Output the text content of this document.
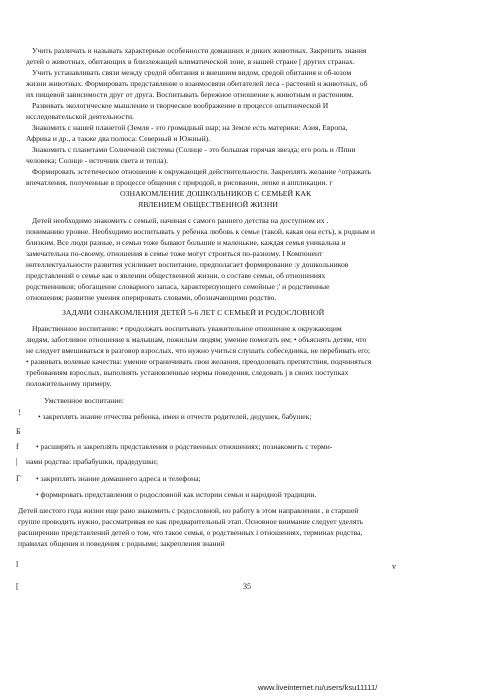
Учить различать и называть характерные особенности домашних и диких животных. Закрепить знания
детей о животных, обитающих в близлежащей климатической зоне, в нашей стране [ других странах.
Учить устанавливать связи между средой обитания и внешним видом, средой обитания и об-юзом
жизни животных. Формировать представление о взаимосвязи обитателей леса - растений и животных, об
их пищевой зависимости друг от друга. Воспитывать бережное отношение к животным и растениям.
Развивать экологическое мышление и творческое воображение в процессе опытнической И
исследовательской деятельности.
Знакомить с нашей планетой (Земля - это громадный шар; на Земле есть материки: Азия, Европа,
Африка и др., а также два полюса: Северный и Южный).
Знакомить с планетами Солнечной системы (Солнце - это большая горячая звезда; его роль и /Ппни
человека; Солнце - источник света и тепла).
Формировать эстетическое отношение к окружающей действительности. Закреплять желание ^отражать
впечатления, полученные в процессе общения с природой, в рисовании, лепке и аппликации. г
ОЗНАКОМЛЕНИЕ ДОШКОЛЬНИКОВ С СЕМЬЕЙ КАК
ЯВЛЕНИЕМ ОБЩЕСТВЕННОЙ ЖИЗНИ
Детей необходимо знакомить с семьей, начиная с самого раннего детства на доступном их .
пониманию уровне. Необходимо воспитывать у ребенка любовь к семье (такой, какая она есть), к родным и
близким. Все люди разные, и семьи тоже бывают большие и маленькие, каждая семья уникальна и
замечательна по-своему, отношения в семье тоже могут строиться по-разному. I Компонент
интеллектуальности развития усиливает воспитание, предполагает формирование :у дошкольников
представлений о семье как о явлении общественной жизни, о составе семьи, об отношениях
родственников; обогащение словарного запаса, характеризующего семейные ;' и родственные
отношения; развитие умения оперировать словами, обозначающими родство.
ЗАДАЧИ ОЗНАКОМЛЕНИЯ ДЕТЕЙ 5-6 ЛЕТ С СЕМЬЕЙ И РОДОСЛОВНОЙ
Нравственное воспитание: • продолжать воспитывать уважительное отношение к окружающим
людям, заботливое отношение к малышам, пожилым людям; умение помогать им; • объяснять детям, что
не следует вмешиваться в разговор взрослых, что нужно учиться слушать собеседника, не перебивать его;
• развивать волевые качества: умение ограничивать свои желания, преодолевать препятствия, подчиняться
требованиям взрослых, выполнять установленные нормы поведения, следовать j в своих поступках
положительному примеру.
Умственное воспитание:
! • закреплять знание отчества ребенка, имен и отчеств родителей, дедушек, бабушек;
Б
f • расширять и закреплять представления о родственных отношениях; познакомить с терми-
| нами родства: прабабушки, прадедушки;
Г • закреплять знание домашнего адреса и телефона;
• формировать представления о родословной как истории семьи и народной традиции.
Детей шестого года жизни еще рано знакомить с родословной, но работу в этом направлении , в старшей
группе проводить нужно, рассматривая ее как предварительный этап. Основное внимание следует уделять
расширению представлений детей о том, что такое семья, о родственных i отношениях, терминах родства,
правилах общения и поведения с родными; закрепления знаний
l	v
[	35
www.liveinternet.ru/users/ksu11111/
